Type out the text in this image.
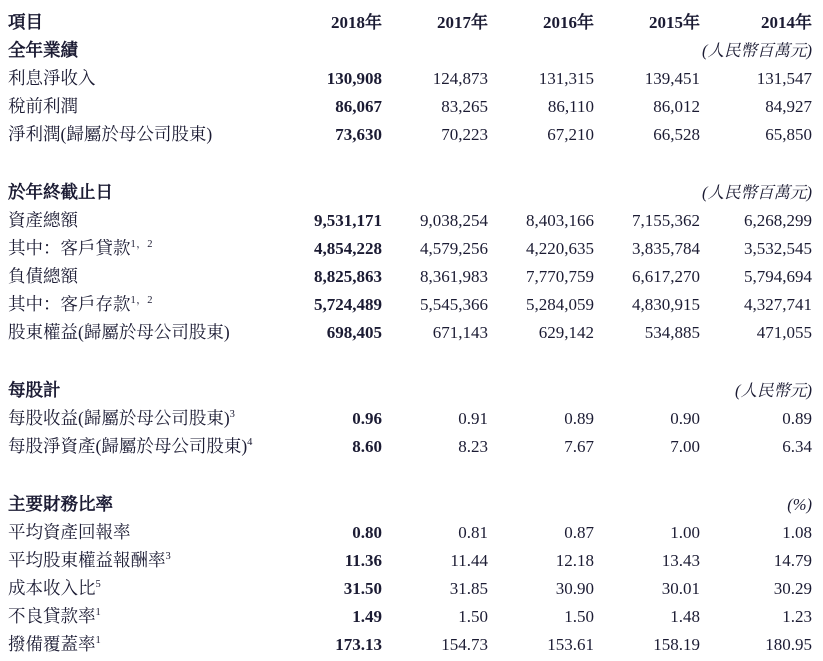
項目	2018年	2017年	2016年	2015年	2014年
全年業績	(人民幣百萬元)
利息淨收入	130,908	124,873	131,315	139,451	131,547
稅前利潤	86,067	83,265	86,110	86,012	84,927
淨利潤(歸屬於母公司股東)	73,630	70,223	67,210	66,528	65,850
於年終截止日	(人民幣百萬元)
資產總額	9,531,171	9,038,254	8,403,166	7,155,362	6,268,299
其中：客戶貸款$^{1,2}$	4,854,228	4,579,256	4,220,635	3,835,784	3,532,545
負債總額	8,825,863	8,361,983	7,770,759	6,617,270	5,794,694
其中：客戶存款$^{1,2}$	5,724,489	5,545,366	5,284,059	4,830,915	4,327,741
股東權益(歸屬於母公司股東)	698,405	671,143	629,142	534,885	471,055
每股計	(人民幣元)
每股收益(歸屬於母公司股東)$^3$	0.96	0.91	0.89	0.90	0.89
每股淨資產(歸屬於母公司股東)$^4$	8.60	8.23	7.67	7.00	6.34
主要財務比率	(%)
平均資產回報率	0.80	0.81	0.87	1.00	1.08
平均股東權益報酬率$^3$	11.36	11.44	12.18	13.43	14.79
成本收入比$^5$	31.50	31.85	30.90	30.01	30.29
不良貸款率$^1$	1.49	1.50	1.50	1.48	1.23
撥備覆蓋率$^1$	173.13	154.73	153.61	158.19	180.95
